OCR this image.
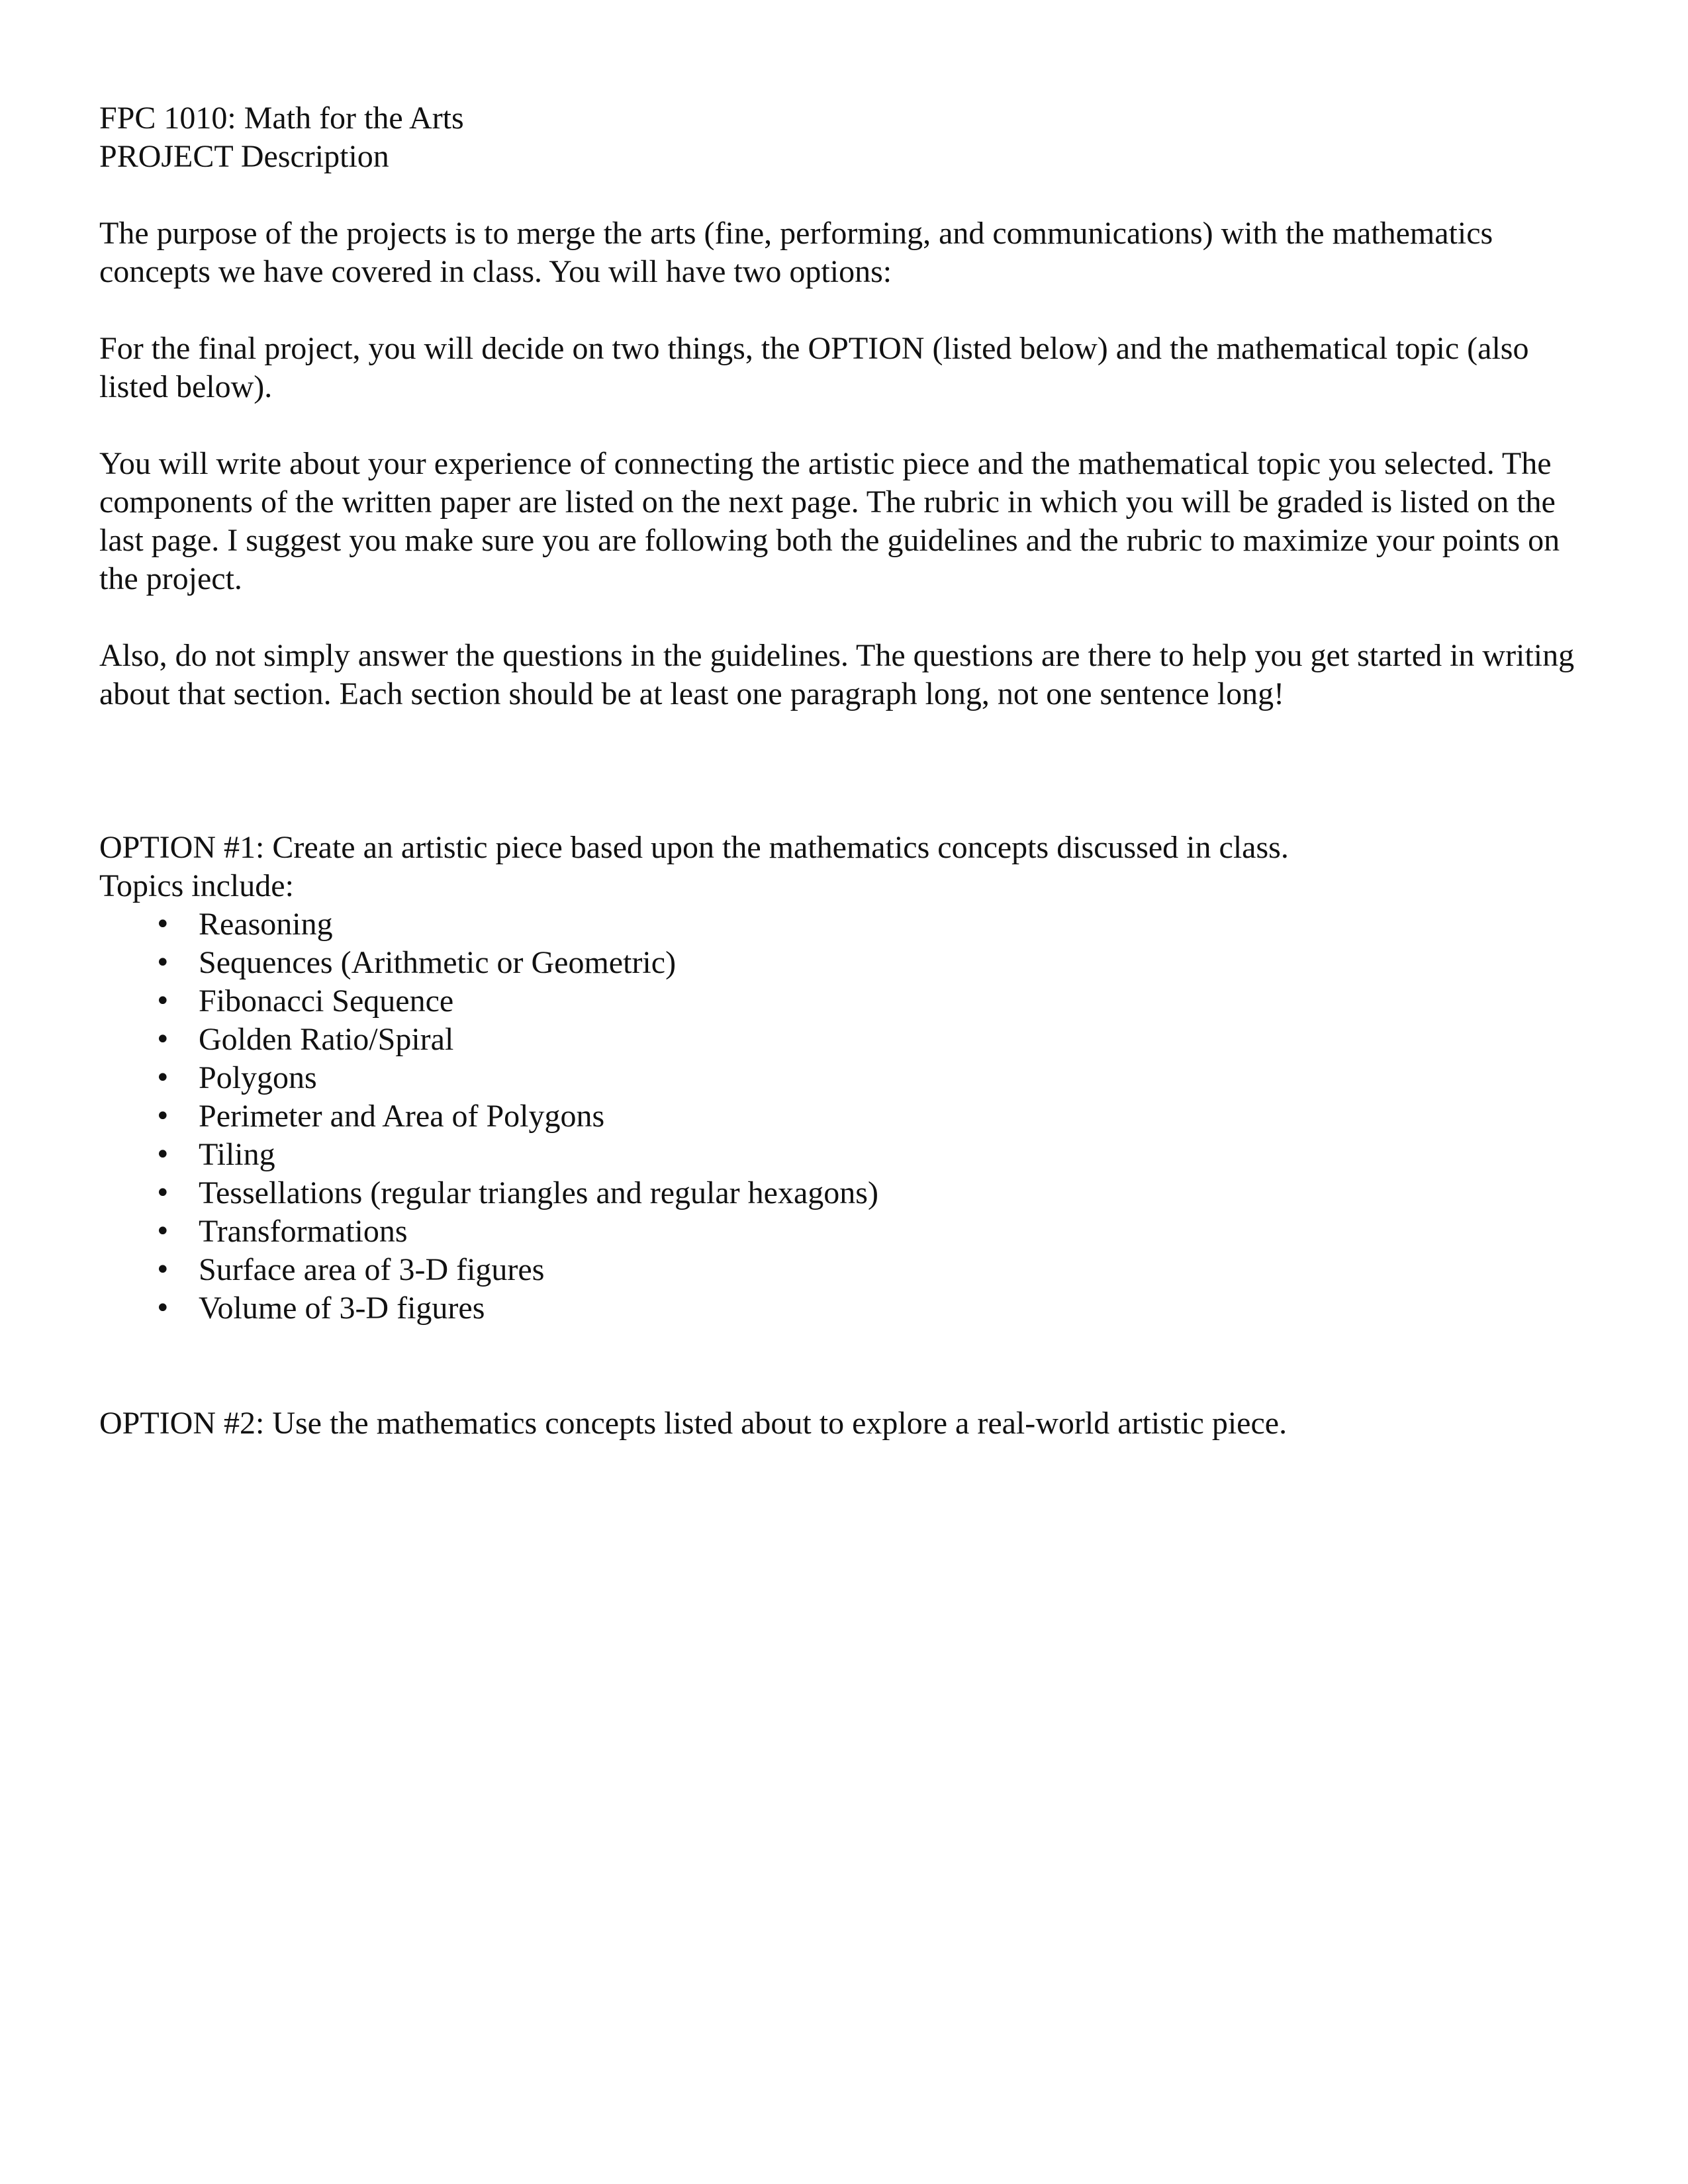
FPC 1010: Math for the Arts
PROJECT Description

The purpose of the projects is to merge the arts (fine, performing, and communications) with the mathematics concepts we have covered in class. You will have two options:

For the final project, you will decide on two things, the OPTION (listed below) and the mathematical topic (also listed below).

You will write about your experience of connecting the artistic piece and the mathematical topic you selected. The components of the written paper are listed on the next page. The rubric in which you will be graded is listed on the last page. I suggest you make sure you are following both the guidelines and the rubric to maximize your points on the project.

Also, do not simply answer the questions in the guidelines. The questions are there to help you get started in writing about that section. Each section should be at least one paragraph long, not one sentence long!

OPTION #1: Create an artistic piece based upon the mathematics concepts discussed in class.

Topics include:

• Reasoning
• Sequences (Arithmetic or Geometric)
• Fibonacci Sequence
• Golden Ratio/Spiral
• Polygons
• Perimeter and Area of Polygons
• Tiling
• Tessellations (regular triangles and regular hexagons)
• Transformations
• Surface area of 3-D figures
• Volume of 3-D figures

OPTION #2: Use the mathematics concepts listed about to explore a real-world artistic piece.
